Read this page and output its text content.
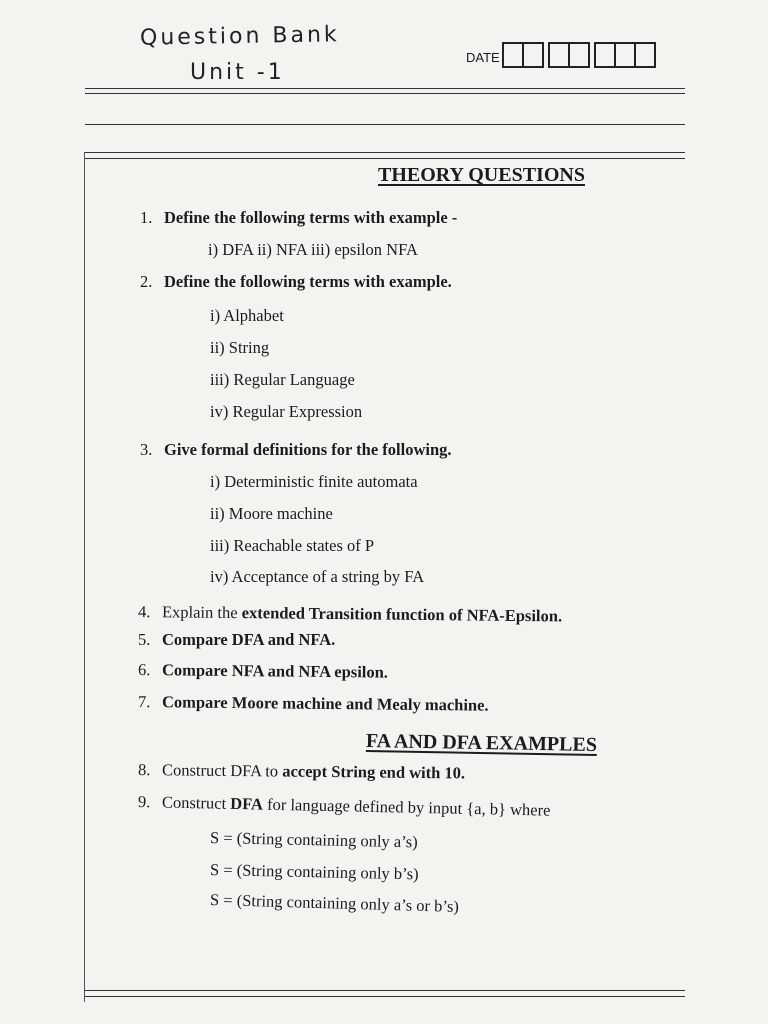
Question Bank
Unit -1
DATE
THEORY QUESTIONS
1. Define the following terms with example -
i) DFA ii) NFA iii) epsilon NFA
2. Define the following terms with example.
i) Alphabet
ii) String
iii) Regular Language
iv) Regular Expression
3. Give formal definitions for the following.
i) Deterministic finite automata
ii) Moore machine
iii) Reachable states of P
iv) Acceptance of a string by FA
4. Explain the extended Transition function of NFA-Epsilon.
5. Compare DFA and NFA.
6. Compare NFA and NFA epsilon.
7. Compare Moore machine and Mealy machine.
FA AND DFA EXAMPLES
8. Construct DFA to accept String end with 10.
9. Construct DFA for language defined by input {a, b} where
S = (String containing only a’s)
S = (String containing only b’s)
S = (String containing only a’s or b’s)
